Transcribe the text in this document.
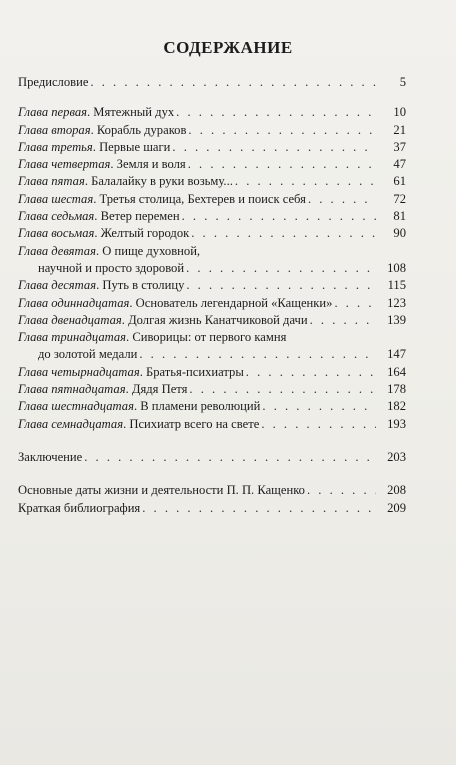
СОДЕРЖАНИЕ
Предисловие . . .	5
Глава первая. Мятежный дух . . .	10
Глава вторая. Корабль дураков . . .	21
Глава третья. Первые шаги . . .	37
Глава четвертая. Земля и воля . . .	47
Глава пятая. Балалайку в руки возьму... . . .	61
Глава шестая. Третья столица, Бехтерев и поиск себя . . .	72
Глава седьмая. Ветер перемен . . .	81
Глава восьмая. Желтый городок . . .	90
Глава девятая. О пище духовной,
научной и просто здоровой . . .	108
Глава десятая. Путь в столицу . . .	115
Глава одиннадцатая. Основатель легендарной «Кащенки» . . .	123
Глава двенадцатая. Долгая жизнь Канатчиковой дачи . . .	139
Глава тринадцатая. Сиворицы: от первого камня
до золотой медали . . .	147
Глава четырнадцатая. Братья-психиатры . . .	164
Глава пятнадцатая. Дядя Петя . . .	178
Глава шестнадцатая. В пламени революций . . .	182
Глава семнадцатая. Психиатр всего на свете . . .	193
Заключение . . .	203
Основные даты жизни и деятельности П. П. Кащенко . . .	208
Краткая библиография . . .	209
